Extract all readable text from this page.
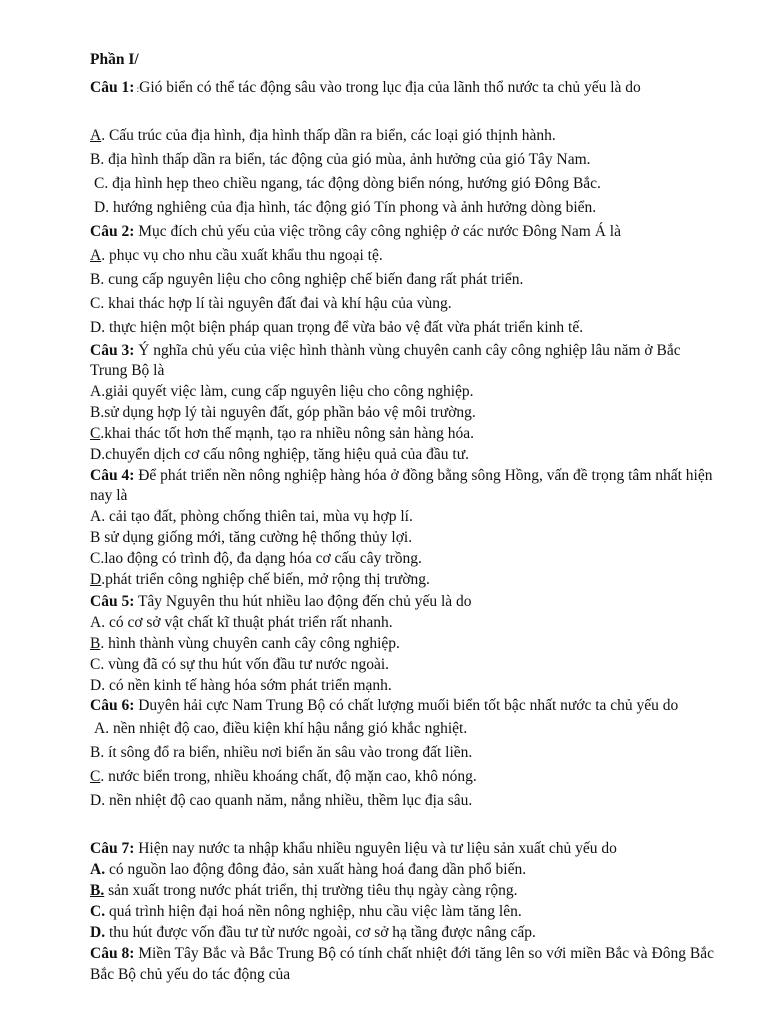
Phần I/

Câu 1: :Gió biển có thể tác động sâu vào trong lục địa của lãnh thổ nước ta chủ yếu là do

A. Cấu trúc của địa hình, địa hình thấp dần ra biển, các loại gió thịnh hành.
B. địa hình thấp dần ra biển, tác động của gió mùa, ảnh hưởng của gió Tây Nam.
C. địa hình hẹp theo chiều ngang, tác động dòng biển nóng, hướng gió Đông Bắc.
D. hướng nghiêng của địa hình, tác động gió Tín phong và ảnh hưởng dòng biển.
Câu 2: Mục đích chủ yếu của việc trồng cây công nghiệp ở các nước Đông Nam Á là
A. phục vụ cho nhu cầu xuất khẩu thu ngoại tệ.
B. cung cấp nguyên liệu cho công nghiệp chế biến đang rất phát triển.
C. khai thác hợp lí tài nguyên đất đai và khí hậu của vùng.
D. thực hiện một biện pháp quan trọng để vừa bảo vệ đất vừa phát triển kinh tế.

Câu 3: Ý nghĩa chủ yếu của việc hình thành vùng chuyên canh cây công nghiệp lâu năm ở Bắc Trung Bộ là

A.giải quyết việc làm, cung cấp nguyên liệu cho công nghiệp.
B.sử dụng hợp lý tài nguyên đất, góp phần bảo vệ môi trường.
C.khai thác tốt hơn thế mạnh, tạo ra nhiều nông sản hàng hóa.
D.chuyển dịch cơ cấu nông nghiệp, tăng hiệu quả của đầu tư.

Câu 4: Để phát triển nền nông nghiệp hàng hóa ở đồng bằng sông Hồng, vấn đề trọng tâm nhất hiện nay là

A. cải tạo đất, phòng chống thiên tai, mùa vụ hợp lí.
B sử dụng giống mới, tăng cường hệ thống thủy lợi.
C.lao động có trình độ, đa dạng hóa cơ cấu cây trồng.
D.phát triển công nghiệp chế biến, mở rộng thị trường.
Câu 5: Tây Nguyên thu hút nhiều lao động đến chủ yếu là do
A. có cơ sở vật chất kĩ thuật phát triển rất nhanh.
B. hình thành vùng chuyên canh cây công nghiệp.
C. vùng đã có sự thu hút vốn đầu tư nước ngoài.
D. có nền kinh tế hàng hóa sớm phát triển mạnh.

Câu 6: Duyên hải cực Nam Trung Bộ có chất lượng muối biển tốt bậc nhất nước ta chủ yếu do

A. nền nhiệt độ cao, điều kiện khí hậu nắng gió khắc nghiệt.
B. ít sông đổ ra biển, nhiều nơi biển ăn sâu vào trong đất liền.
C. nước biển trong, nhiều khoáng chất, độ mặn cao, khô nóng.
D. nền nhiệt độ cao quanh năm, nắng nhiều, thềm lục địa sâu.
Câu 7: Hiện nay nước ta nhập khẩu nhiều nguyên liệu và tư liệu sản xuất chủ yếu do
A. có nguồn lao động đông đảo, sản xuất hàng hoá đang dần phổ biến.
B. sản xuất trong nước phát triển, thị trường tiêu thụ ngày càng rộng.
C. quá trình hiện đại hoá nền nông nghiệp, nhu cầu việc làm tăng lên.
D. thu hút được vốn đầu tư từ nước ngoài, cơ sở hạ tầng được nâng cấp.

Câu 8: Miền Tây Bắc và Bắc Trung Bộ có tính chất nhiệt đới tăng lên so với miền Bắc và Đông Bắc Bắc Bộ chủ yếu do tác động của
